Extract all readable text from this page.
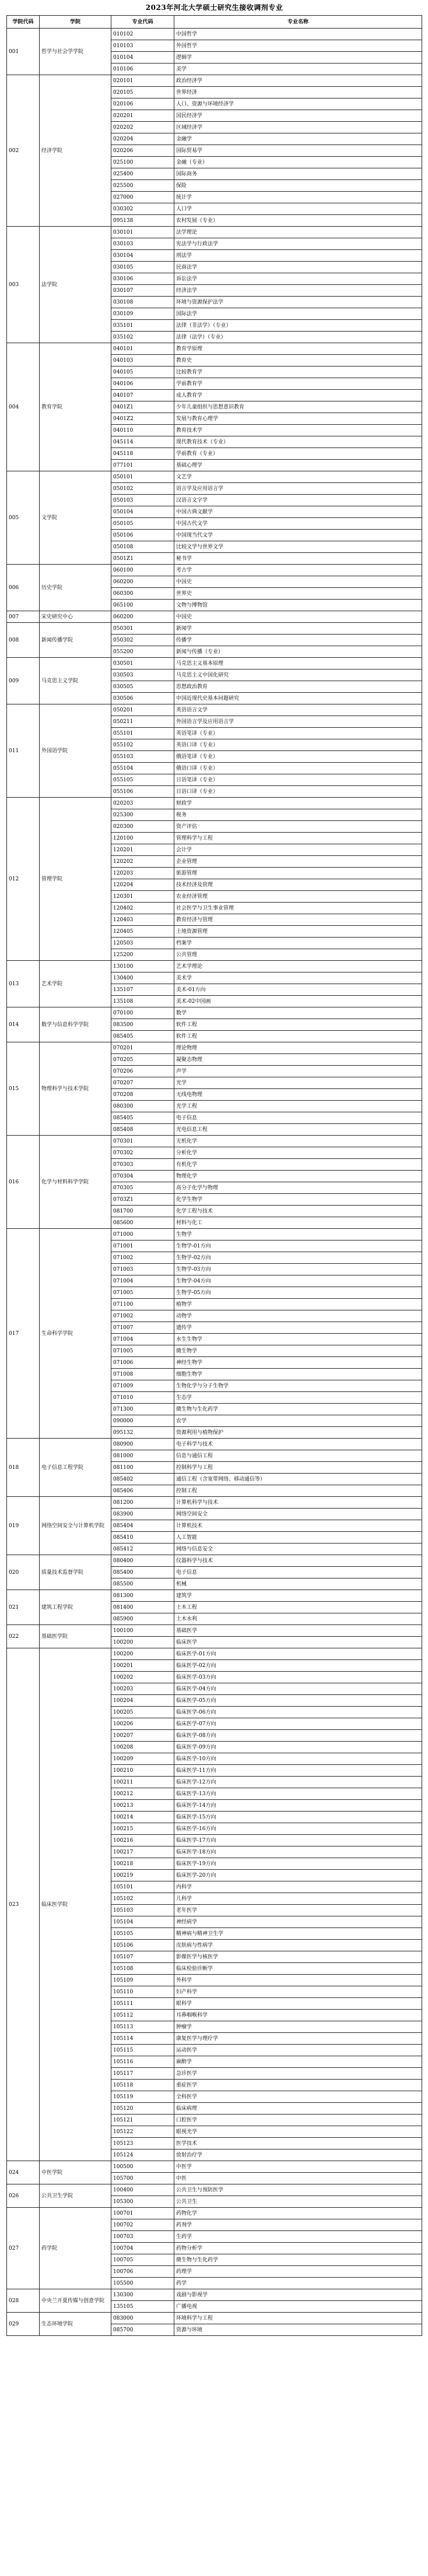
2023年河北大学硕士研究生接收调剂专业
学院代码	学院	专业代码	专业名称
001	哲学与社会学学院	010102	中国哲学
		010103	外国哲学
		010104	逻辑学
		010106	美学
002	经济学院	020101	政治经济学
		020105	世界经济
		020106	人口、资源与环境经济学
		020201	国民经济学
		020202	区域经济学
		020204	金融学
		020206	国际贸易学
		025100	金融（专业）
		025400	国际商务
		025500	保险
		027000	统计学
		030302	人口学
		095138	农村发展（专业）
003	法学院	030101	法学理论
		030103	宪法学与行政法学
		030104	刑法学
		030105	民商法学
		030106	诉讼法学
		030107	经济法学
		030108	环境与资源保护法学
		030109	国际法学
		035101	法律（非法学）（专业）
		035102	法律（法学）（专业）
004	教育学院	040101	教育学原理
		040103	教育史
		040105	比较教育学
		040106	学前教育学
		040107	成人教育学
		0401Z1	少年儿童组织与思想意识教育
		0401Z2	发展与教育心理学
		040110	教育技术学
		045114	现代教育技术（专业）
		045118	学前教育（专业）
		077101	基础心理学
005	文学院	050101	文艺学
		050102	语言学及应用语言学
		050103	汉语言文字学
		050104	中国古典文献学
		050105	中国古代文学
		050106	中国现当代文学
		050108	比较文学与世界文学
		0501Z1	秘书学
006	历史学院	060100	考古学
		060200	中国史
		060300	世界史
		065100	文物与博物馆
007	宋史研究中心	060200	中国史
008	新闻传播学院	050301	新闻学
		050302	传播学
		055200	新闻与传播（专业）
009	马克思主义学院	030501	马克思主义基本原理
		030503	马克思主义中国化研究
		030505	思想政治教育
		030506	中国近现代史基本问题研究
011	外国语学院	050201	英语语言文学
		050211	外国语言学及应用语言学
		055101	英语笔译（专业）
		055102	英语口译（专业）
		055103	俄语笔译（专业）
		055104	俄语口译（专业）
		055105	日语笔译（专业）
		055106	日语口译（专业）
012	管理学院	020203	财政学
		025300	税务
		020300	资产评估
		120100	管理科学与工程
		120201	会计学
		120202	企业管理
		120203	旅游管理
		120204	技术经济及管理
		120301	农业经济管理
		120402	社会医学与卫生事业管理
		120403	教育经济与管理
		120405	土地资源管理
		120503	档案学
		125200	公共管理
013	艺术学院	130100	艺术学理论
		130400	美术学
		135107	美术-01方向
		135108	美术-02中国画
014	数学与信息科学学院	070100	数学
		083500	软件工程
		085405	软件工程
015	物理科学与技术学院	070201	理论物理
		070205	凝聚态物理
		070206	声学
		070207	光学
		070208	无线电物理
		080300	光学工程
		085405	电子信息
		085408	光电信息工程
016	化学与材料科学学院	070301	无机化学
		070302	分析化学
		070303	有机化学
		070304	物理化学
		070305	高分子化学与物理
		0703Z1	化学生物学
		081700	化学工程与技术
		085600	材料与化工
017	生命科学学院	071000	生物学
		071001	生物学-01方向
		071002	生物学-02方向
		071003	生物学-03方向
		071004	生物学-04方向
		071005	生物学-05方向
		071100	植物学
		071002	动物学
		071007	遗传学
		071004	水生生物学
		071005	微生物学
		071006	神经生物学
		071008	细胞生物学
		071009	生物化学与分子生物学
		071010	生态学
		071300	微生物与生化药学
		090000	农学
		095132	资源利用与植物保护
018	电子信息工程学院	080900	电子科学与技术
		081000	信息与通信工程
		081100	控制科学与工程
		085402	通信工程（含宽带网络、移动通信等）
		085406	控制工程
019	网络空间安全与计算机学院	081200	计算机科学与技术
		083900	网络空间安全
		085404	计算机技术
		085410	人工智能
		085412	网络与信息安全
020	质量技术监督学院	080400	仪器科学与技术
		085400	电子信息
		085500	机械
021	建筑工程学院	081300	建筑学
		081400	土木工程
		085900	土木水利
022	基础医学院	100100	基础医学
		100200	临床医学
023	临床医学院	100200	临床医学-01方向
		100201	临床医学-02方向
		100202	临床医学-03方向
		100203	临床医学-04方向
		100204	临床医学-05方向
		100205	临床医学-06方向
		100206	临床医学-07方向
		100207	临床医学-08方向
		100208	临床医学-09方向
		100209	临床医学-10方向
		100210	临床医学-11方向
		100211	临床医学-12方向
		100212	临床医学-13方向
		100213	临床医学-14方向
		100214	临床医学-15方向
		100215	临床医学-16方向
		100216	临床医学-17方向
		100217	临床医学-18方向
		100218	临床医学-19方向
		100219	临床医学-20方向
		105101	内科学
		105102	儿科学
		105103	老年医学
		105104	神经病学
		105105	精神病与精神卫生学
		105106	皮肤病与性病学
		105107	影像医学与核医学
		105108	临床检验诊断学
		105109	外科学
		105110	妇产科学
		105111	眼科学
		105112	耳鼻咽喉科学
		105113	肿瘤学
		105114	康复医学与理疗学
		105115	运动医学
		105116	麻醉学
		105117	急诊医学
		105118	重症医学
		105119	全科医学
		105120	临床病理
		105121	口腔医学
		105122	眼视光学
		105123	医学技术
		105124	放射治疗学
024	中医学院	100500	中医学
		105700	中医
026	公共卫生学院	100400	公共卫生与预防医学
		105300	公共卫生
027	药学院	100701	药物化学
		100702	药剂学
		100703	生药学
		100704	药物分析学
		100705	微生物与生化药学
		100706	药理学
		105500	药学
028	中央兰开夏传媒与创意学院	130300	戏剧与影视学
		135105	广播电视
029	生态环境学院	083000	环境科学与工程
		085700	资源与环境
